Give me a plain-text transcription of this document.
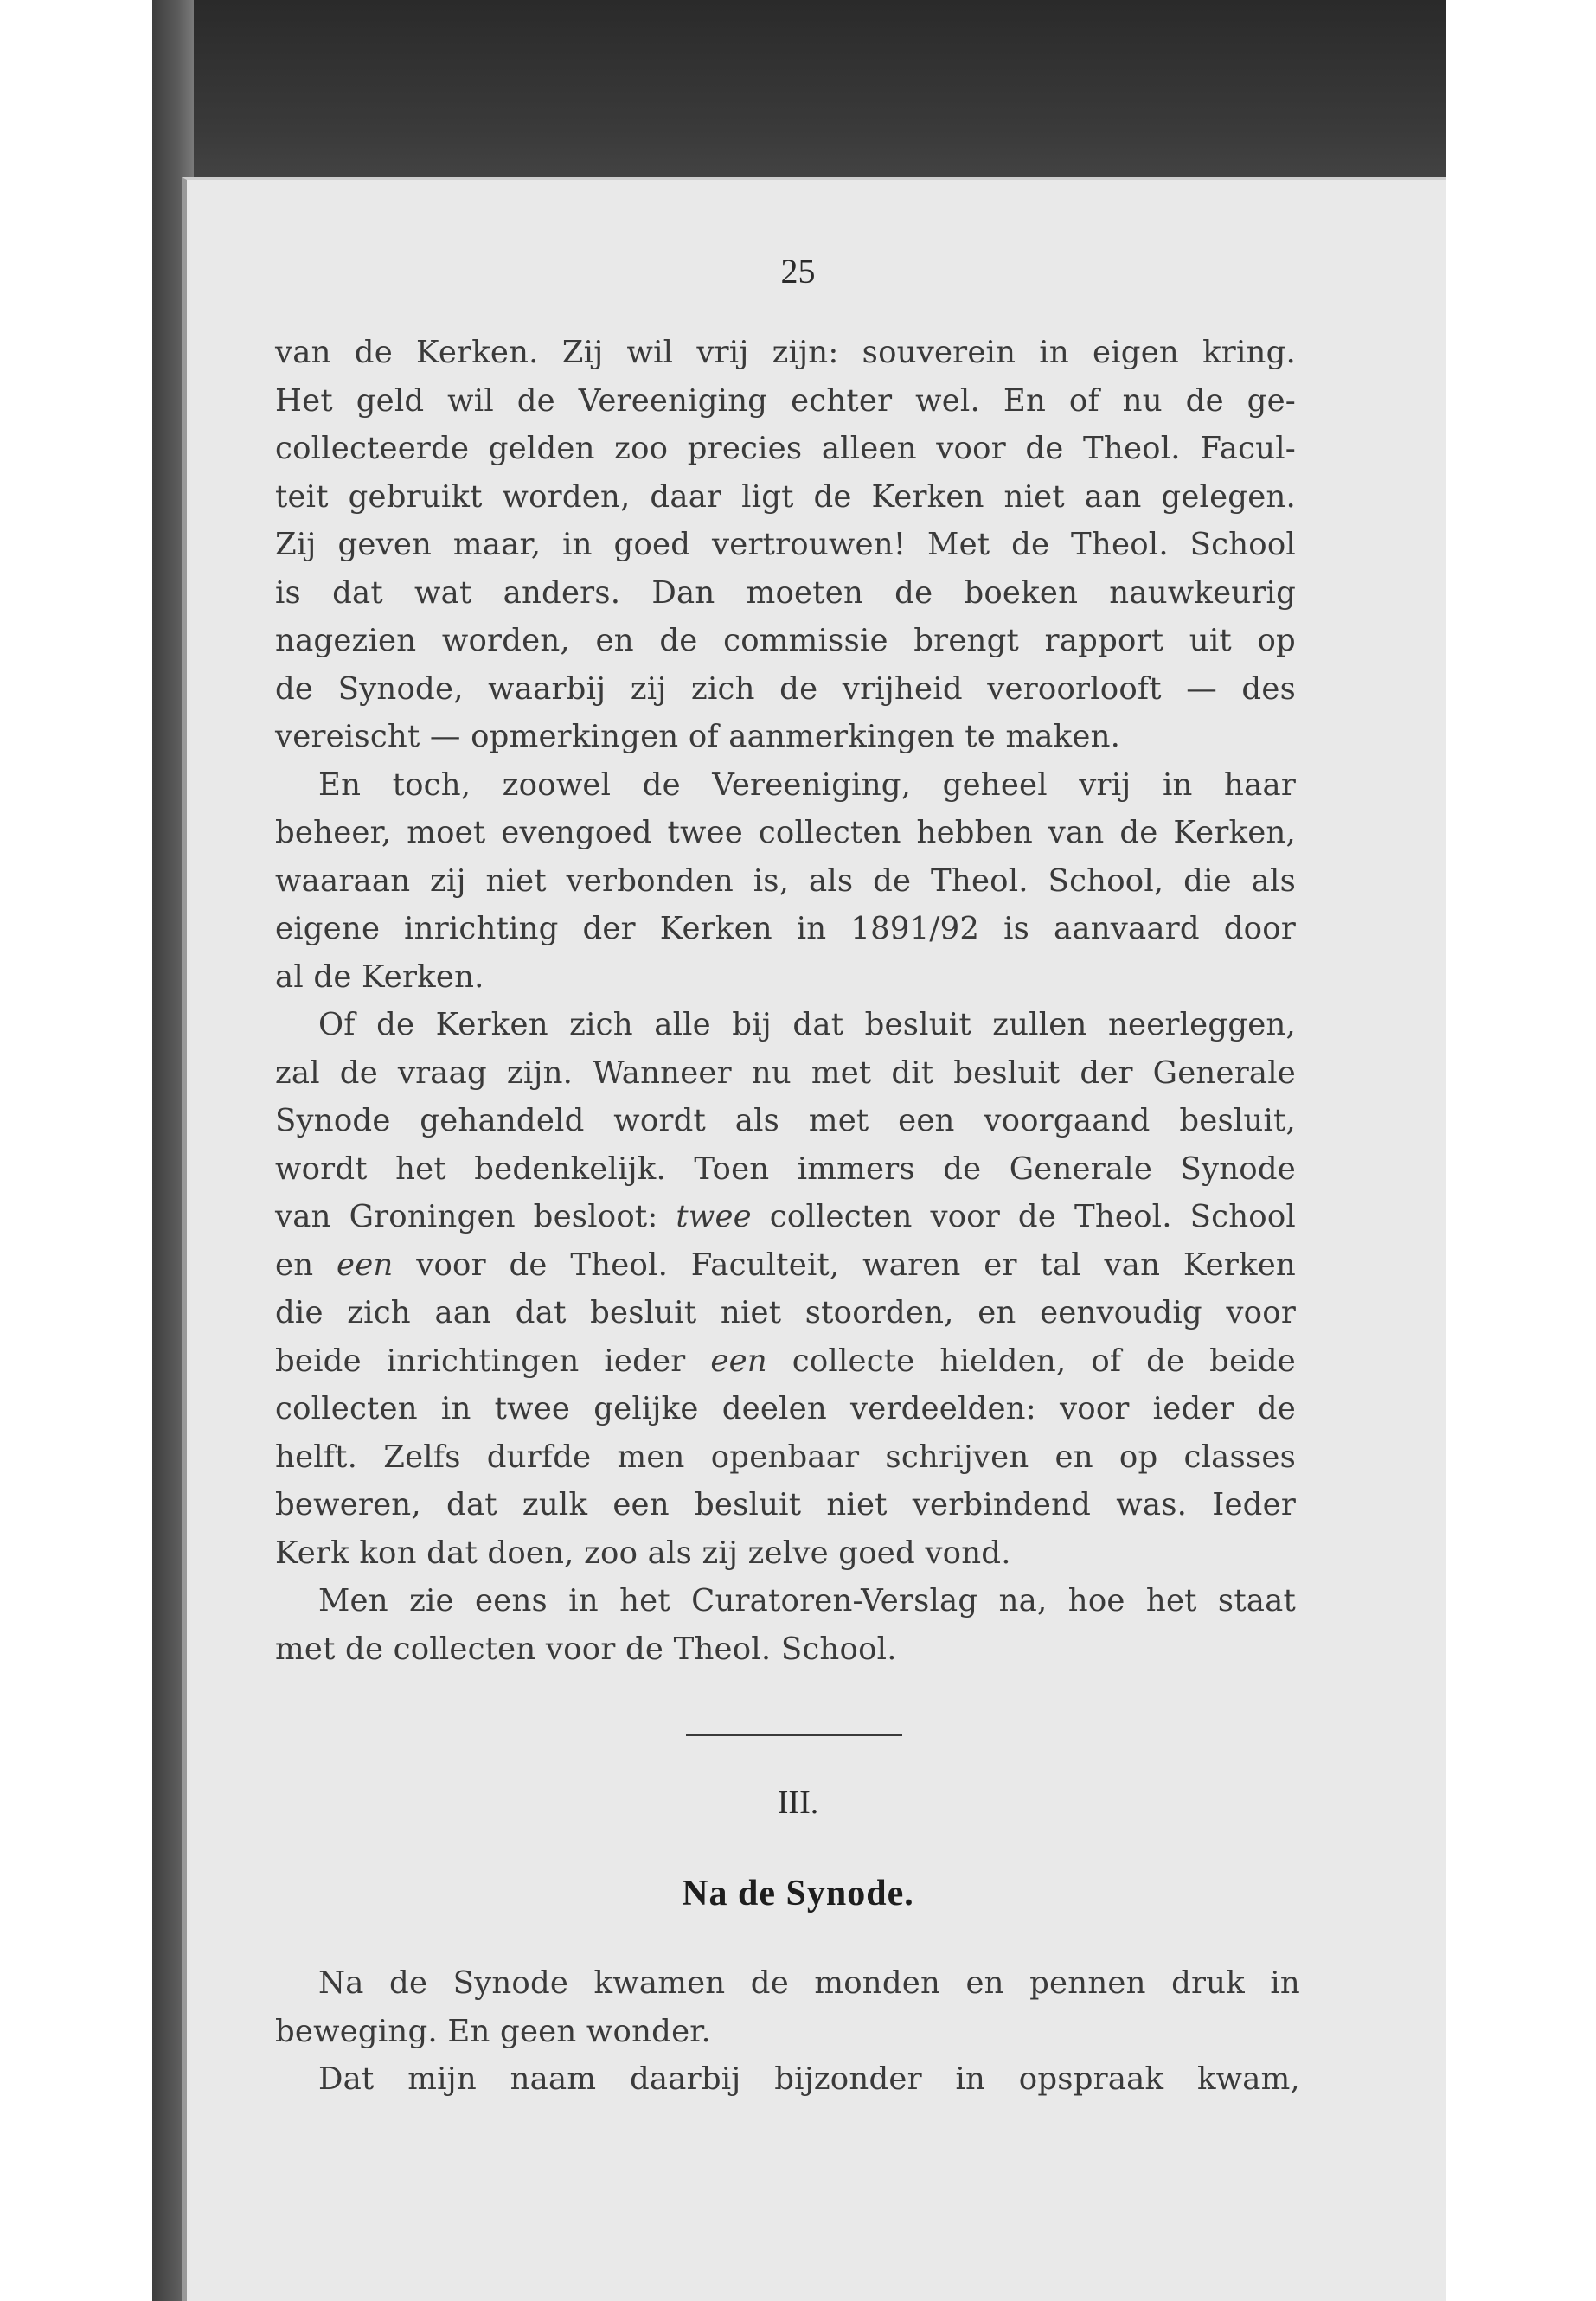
25
van de Kerken. Zij wil vrij zijn: souverein in eigen kring.
Het geld wil de Vereeniging echter wel. En of nu de ge-
collecteerde gelden zoo precies alleen voor de Theol. Facul-
teit gebruikt worden, daar ligt de Kerken niet aan gelegen.
Zij geven maar, in goed vertrouwen! Met de Theol. School
is dat wat anders. Dan moeten de boeken nauwkeurig
nagezien worden, en de commissie brengt rapport uit op
de Synode, waarbij zij zich de vrijheid veroorlooft — des
vereischt — opmerkingen of aanmerkingen te maken.
En toch, zoowel de Vereeniging, geheel vrij in haar
beheer, moet evengoed twee collecten hebben van de Kerken,
waaraan zij niet verbonden is, als de Theol. School, die als
eigene inrichting der Kerken in 1891/92 is aanvaard door
al de Kerken.
Of de Kerken zich alle bij dat besluit zullen neerleggen,
zal de vraag zijn. Wanneer nu met dit besluit der Generale
Synode gehandeld wordt als met een voorgaand besluit,
wordt het bedenkelijk. Toen immers de Generale Synode
van Groningen besloot: twee collecten voor de Theol. School
en een voor de Theol. Faculteit, waren er tal van Kerken
die zich aan dat besluit niet stoorden, en eenvoudig voor
beide inrichtingen ieder een collecte hielden, of de beide
collecten in twee gelijke deelen verdeelden: voor ieder de
helft. Zelfs durfde men openbaar schrijven en op classes
beweren, dat zulk een besluit niet verbindend was. Ieder
Kerk kon dat doen, zoo als zij zelve goed vond.
Men zie eens in het Curatoren-Verslag na, hoe het staat
met de collecten voor de Theol. School.
III.
Na de Synode.
Na de Synode kwamen de monden en pennen druk in
beweging. En geen wonder.
Dat mijn naam daarbij bijzonder in opspraak kwam,
